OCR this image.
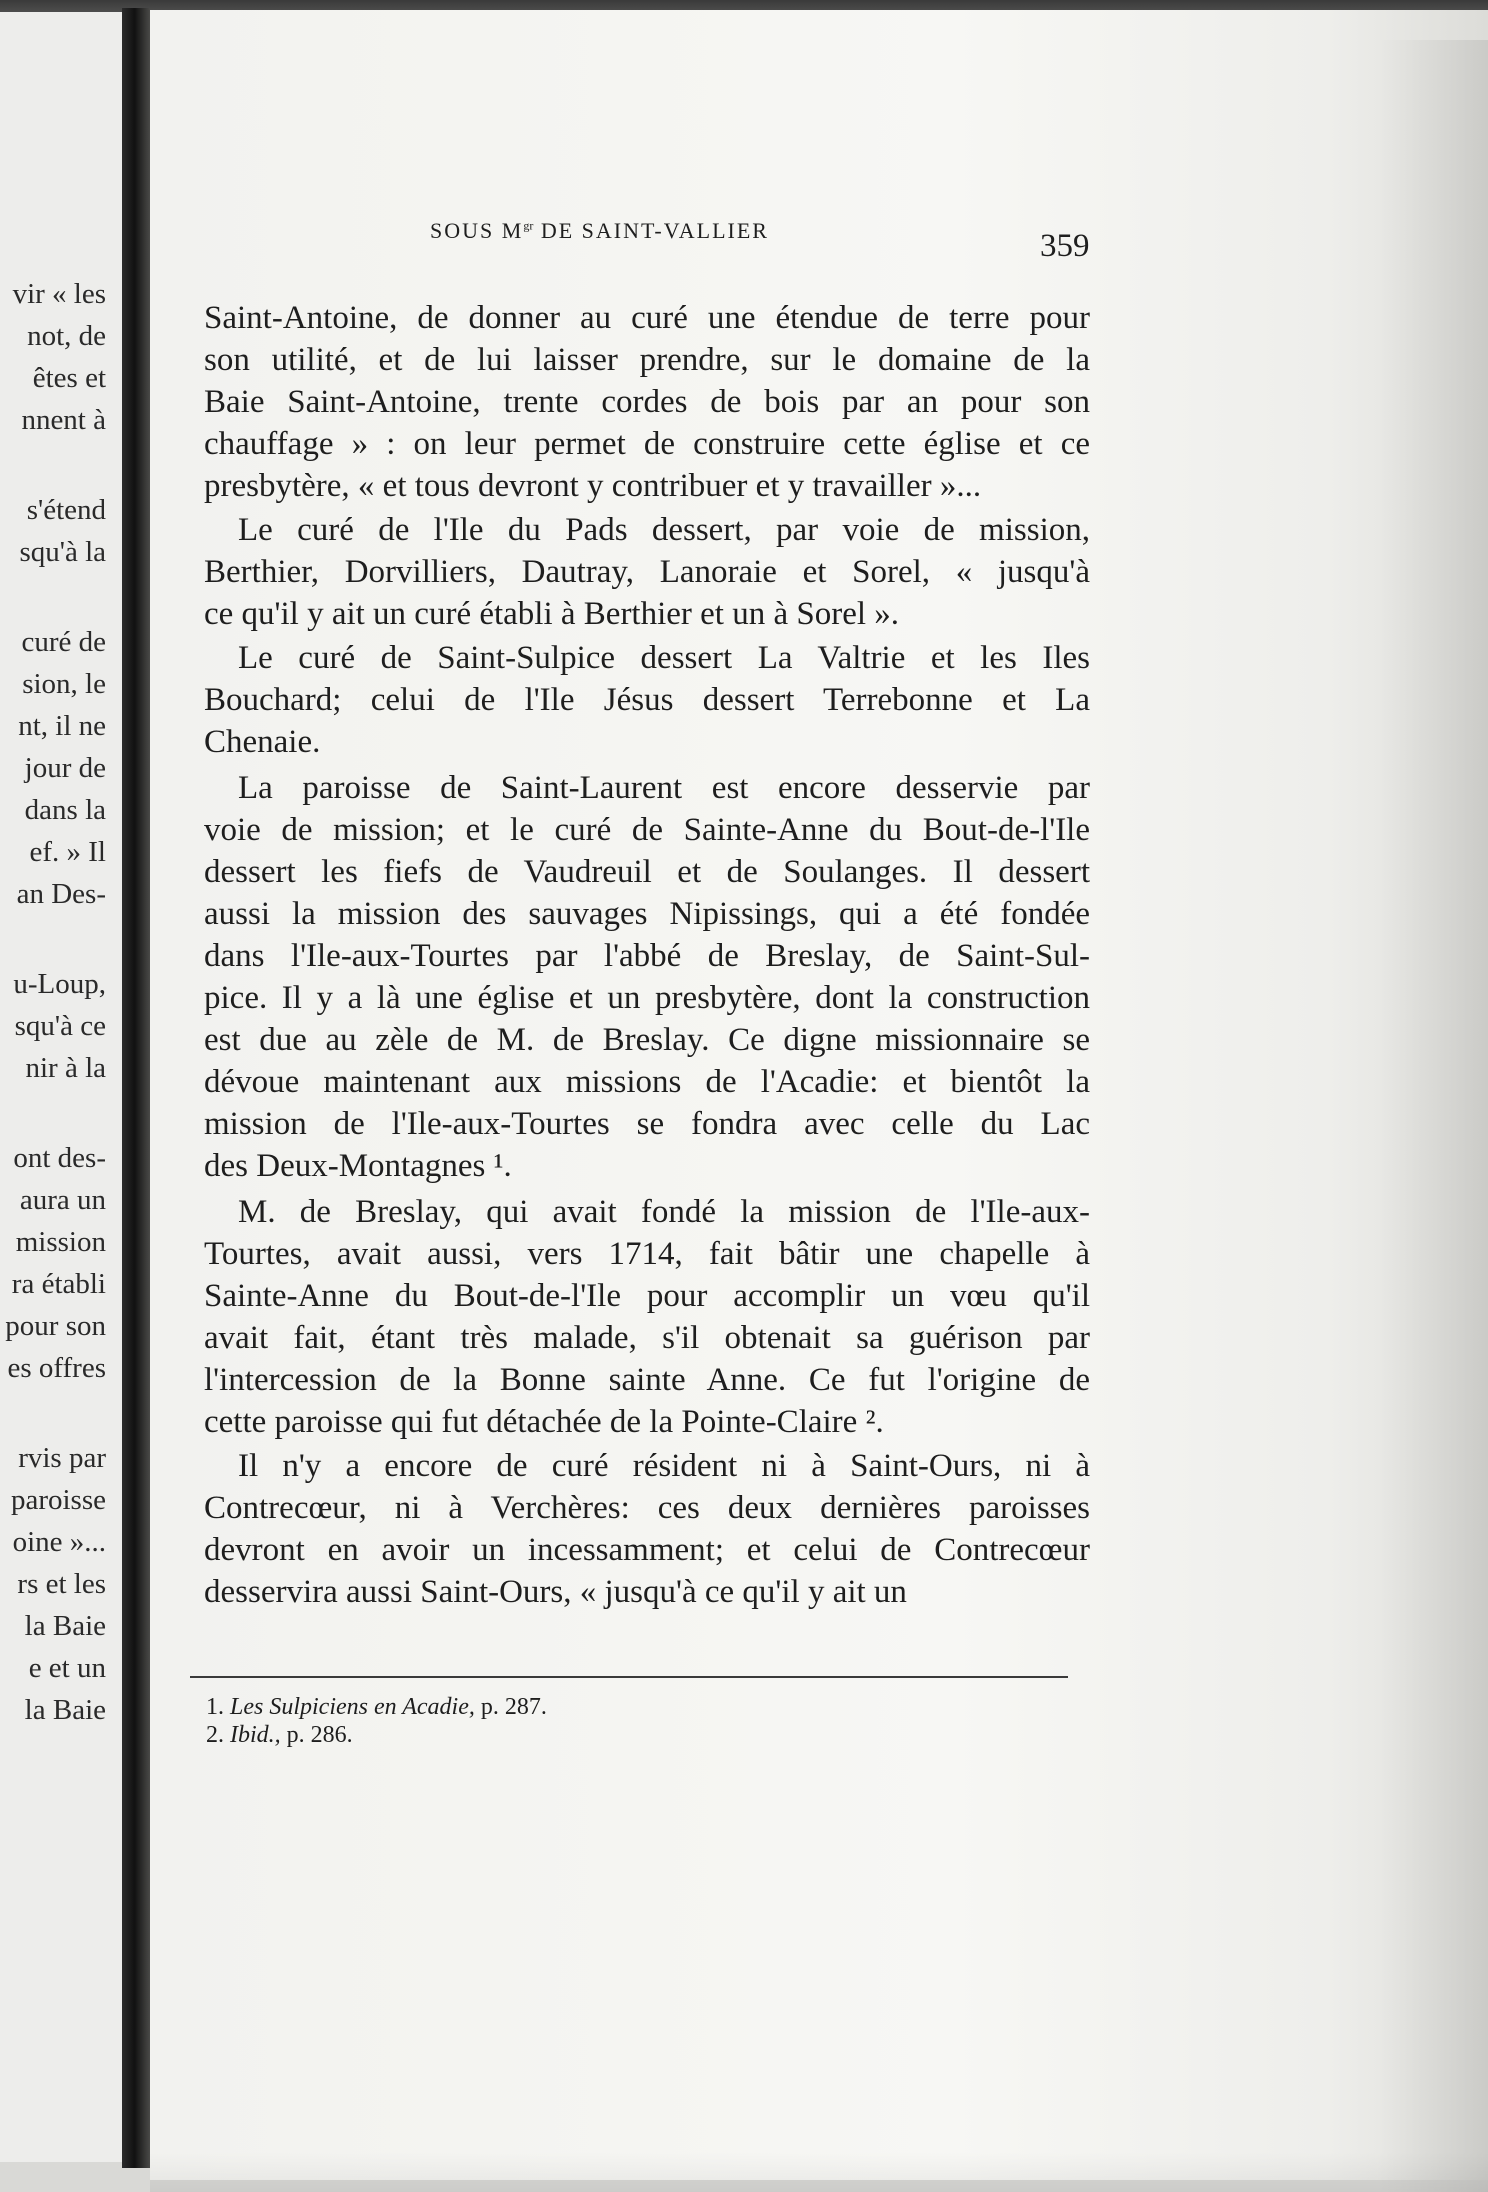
vir « les
not, de
êtes et
nnent à
s'étend
squ'à la
curé de
sion, le
nt, il ne
jour de
dans la
ef. » Il
an Des-
u-Loup,
squ'à ce
nir à la
ont des-
aura un
mission
ra établi
pour son
es offres
rvis par
paroisse
oine »...
rs et les
la Baie
e et un
la Baie
SOUS $M^{gr}$ DE SAINT-VALLIER	359
Saint-Antoine, de donner au curé une étendue de terre pour
son utilité, et de lui laisser prendre, sur le domaine de la
Baie Saint-Antoine, trente cordes de bois par an pour son
chauffage » : on leur permet de construire cette église et ce
presbytère, « et tous devront y contribuer et y travailler »...
Le curé de l'Ile du Pads dessert, par voie de mission,
Berthier, Dorvilliers, Dautray, Lanoraie et Sorel, « jusqu'à
ce qu'il y ait un curé établi à Berthier et un à Sorel ».
Le curé de Saint-Sulpice dessert La Valtrie et les Iles
Bouchard; celui de l'Ile Jésus dessert Terrebonne et La
Chenaie.
La paroisse de Saint-Laurent est encore desservie par
voie de mission; et le curé de Sainte-Anne du Bout-de-l'Ile
dessert les fiefs de Vaudreuil et de Soulanges. Il dessert
aussi la mission des sauvages Nipissings, qui a été fondée
dans l'Ile-aux-Tourtes par l'abbé de Breslay, de Saint-Sul-
pice. Il y a là une église et un presbytère, dont la construction
est due au zèle de M. de Breslay. Ce digne missionnaire se
dévoue maintenant aux missions de l'Acadie: et bientôt la
mission de l'Ile-aux-Tourtes se fondra avec celle du Lac
des Deux-Montagnes ¹.
M. de Breslay, qui avait fondé la mission de l'Ile-aux-
Tourtes, avait aussi, vers 1714, fait bâtir une chapelle à
Sainte-Anne du Bout-de-l'Ile pour accomplir un vœu qu'il
avait fait, étant très malade, s'il obtenait sa guérison par
l'intercession de la Bonne sainte Anne. Ce fut l'origine de
cette paroisse qui fut détachée de la Pointe-Claire ².
Il n'y a encore de curé résident ni à Saint-Ours, ni à
Contrecœur, ni à Verchères: ces deux dernières paroisses
devront en avoir un incessamment; et celui de Contrecœur
desservira aussi Saint-Ours, « jusqu'à ce qu'il y ait un
1. Les Sulpiciens en Acadie, p. 287.
2. Ibid., p. 286.
